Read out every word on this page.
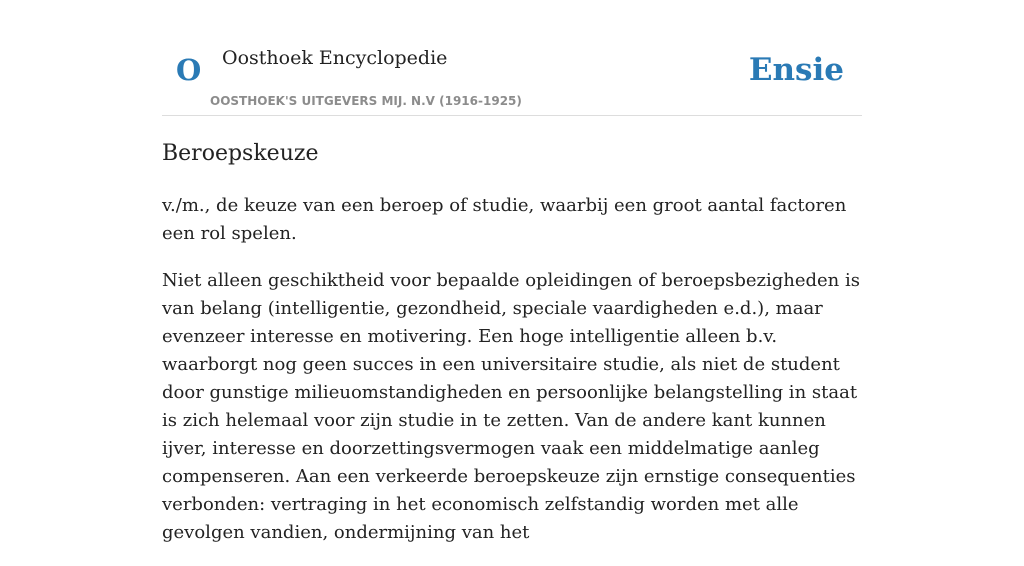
O Oosthoek Encyclopedie
OOSTHOEK'S UITGEVERS MIJ. N.V (1916-1925)
Ensie
Beroepskeuze

v./m., de keuze van een beroep of studie, waarbij een groot aantal factoren een rol spelen.

Niet alleen geschiktheid voor bepaalde opleidingen of beroepsbezigheden is van belang (intelligentie, gezondheid, speciale vaardigheden e.d.), maar evenzeer interesse en motivering. Een hoge intelligentie alleen b.v. waarborgt nog geen succes in een universitaire studie, als niet de student door gunstige milieuomstandigheden en persoonlijke belangstelling in staat is zich helemaal voor zijn studie in te zetten. Van de andere kant kunnen ijver, interesse en doorzettingsvermogen vaak een middelmatige aanleg compenseren. Aan een verkeerde beroepskeuze zijn ernstige consequenties verbonden: vertraging in het economisch zelfstandig worden met alle gevolgen vandien, ondermijning van het
